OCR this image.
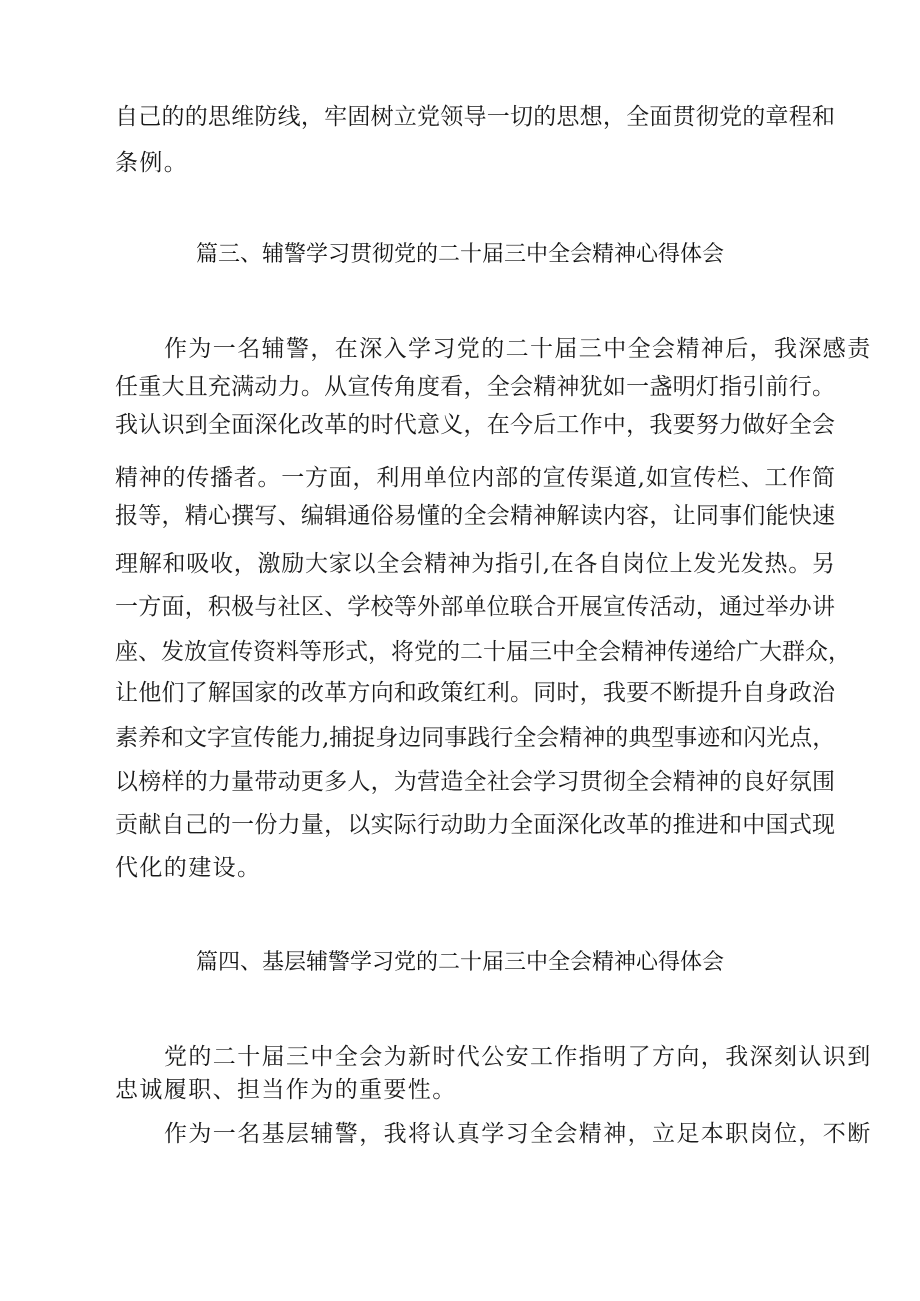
自己的的思维防线，牢固树立党领导一切的思想，全面贯彻党的章程和
条例。
篇三、辅警学习贯彻党的二十届三中全会精神心得体会
作为一名辅警，在深入学习党的二十届三中全会精神后，我深感责
任重大且充满动力。从宣传角度看，全会精神犹如一盏明灯指引前行。
我认识到全面深化改革的时代意义，在今后工作中，我要努力做好全会
精神的传播者。一方面，利用单位内部的宣传渠道,如宣传栏、工作简
报等，精心撰写、编辑通俗易懂的全会精神解读内容，让同事们能快速
理解和吸收，激励大家以全会精神为指引,在各自岗位上发光发热。另
一方面，积极与社区、学校等外部单位联合开展宣传活动，通过举办讲
座、发放宣传资料等形式，将党的二十届三中全会精神传递给广大群众，
让他们了解国家的改革方向和政策红利。同时，我要不断提升自身政治
素养和文字宣传能力,捕捉身边同事践行全会精神的典型事迹和闪光点，
以榜样的力量带动更多人，为营造全社会学习贯彻全会精神的良好氛围
贡献自己的一份力量，以实际行动助力全面深化改革的推进和中国式现
代化的建设。
篇四、基层辅警学习党的二十届三中全会精神心得体会
党的二十届三中全会为新时代公安工作指明了方向，我深刻认识到
忠诚履职、担当作为的重要性。
作为一名基层辅警，我将认真学习全会精神，立足本职岗位，不断
